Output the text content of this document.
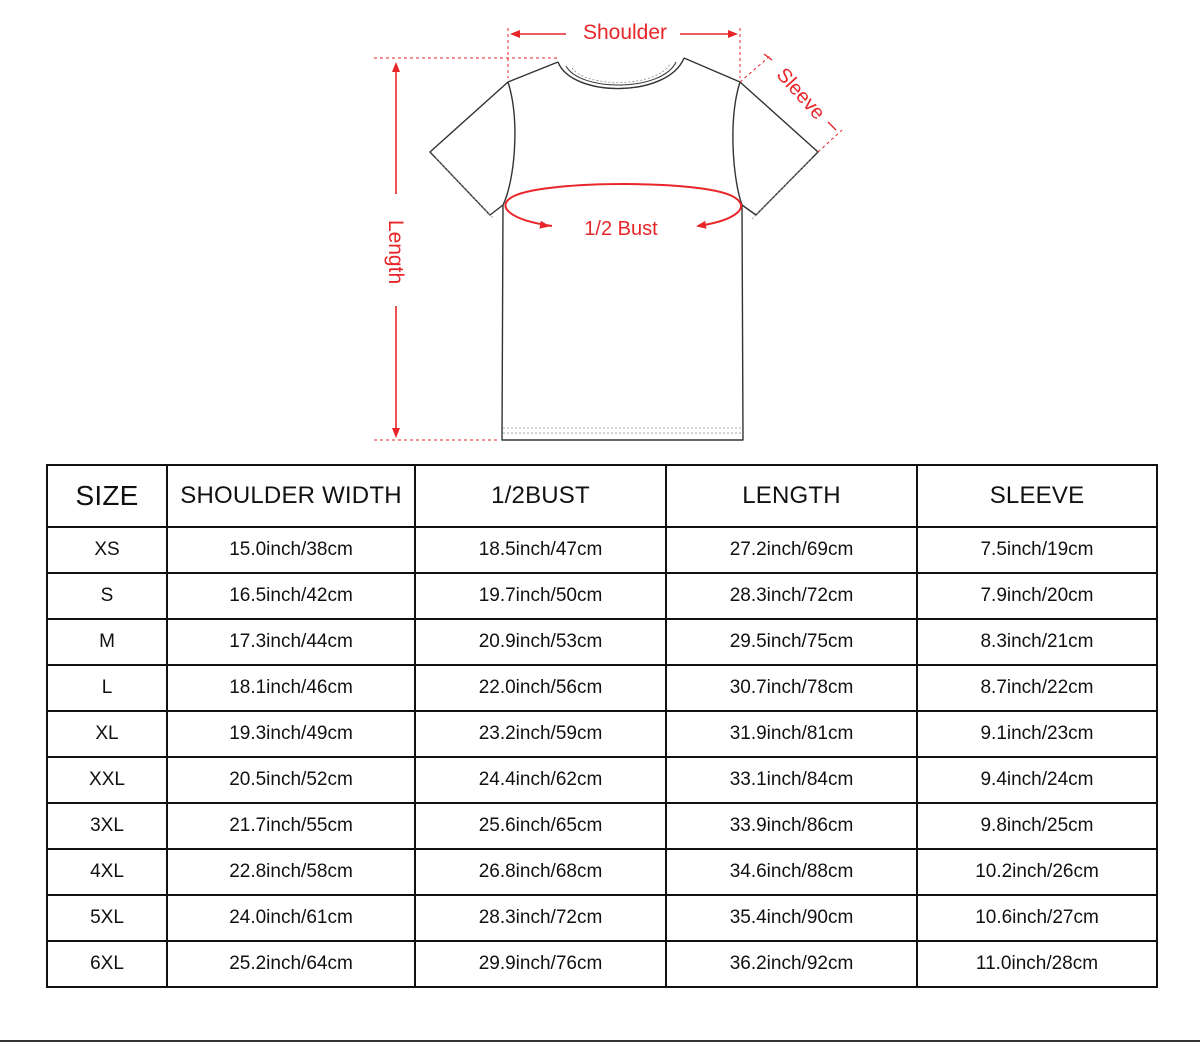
Shoulder
Sleeve
1/2 Bust
Length
SIZE	SHOULDER WIDTH	1/2BUST	LENGTH	SLEEVE
XS	15.0inch/38cm	18.5inch/47cm	27.2inch/69cm	7.5inch/19cm
S	16.5inch/42cm	19.7inch/50cm	28.3inch/72cm	7.9inch/20cm
M	17.3inch/44cm	20.9inch/53cm	29.5inch/75cm	8.3inch/21cm
L	18.1inch/46cm	22.0inch/56cm	30.7inch/78cm	8.7inch/22cm
XL	19.3inch/49cm	23.2inch/59cm	31.9inch/81cm	9.1inch/23cm
XXL	20.5inch/52cm	24.4inch/62cm	33.1inch/84cm	9.4inch/24cm
3XL	21.7inch/55cm	25.6inch/65cm	33.9inch/86cm	9.8inch/25cm
4XL	22.8inch/58cm	26.8inch/68cm	34.6inch/88cm	10.2inch/26cm
5XL	24.0inch/61cm	28.3inch/72cm	35.4inch/90cm	10.6inch/27cm
6XL	25.2inch/64cm	29.9inch/76cm	36.2inch/92cm	11.0inch/28cm
